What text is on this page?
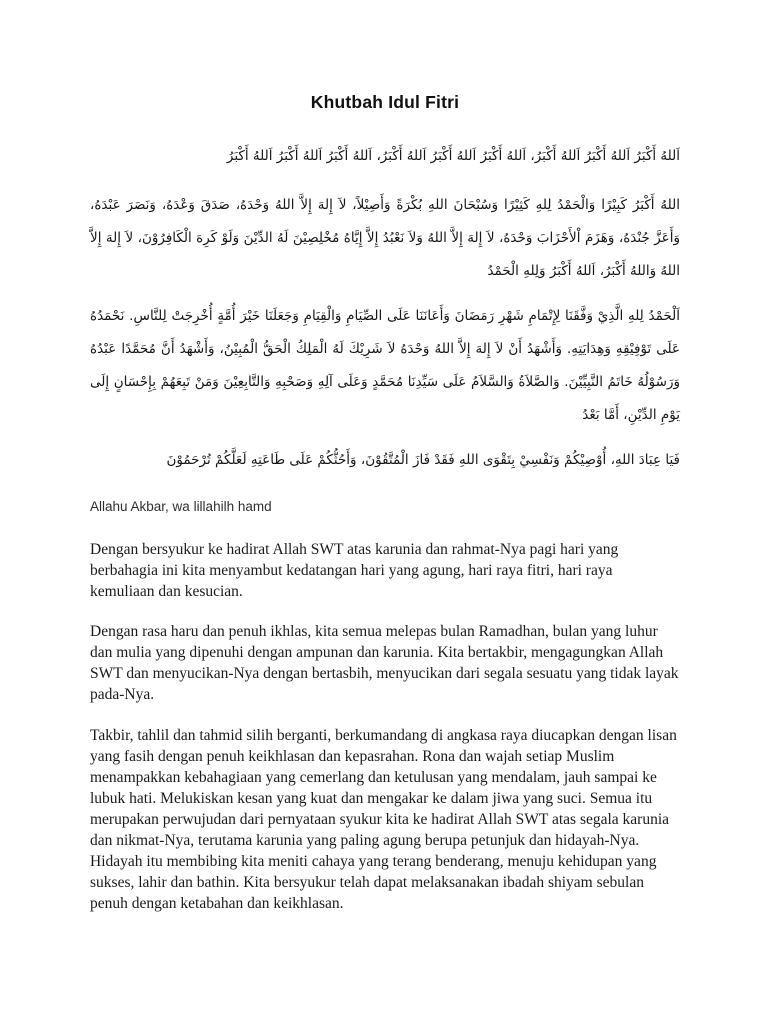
Khutbah Idul Fitri
اَللهُ أَكْبَرُ اَللهُ أَكْبَرُ اَللهُ أَكْبَرُ، اَللهُ أَكْبَرُ اَللهُ أَكْبَرُ اَللهُ أَكْبَرُ، اَللهُ أَكْبَرُ اَللهُ أَكْبَرُ اَللهُ أَكْبَرُ
اللهُ أَكْبَرُ كَبِيْرًا وَالْحَمْدُ لِلهِ كَثِيْرًا وَسُبْحَانَ اللهِ بُكْرَةً وَأَصِيْلاً، لاَ إِلهَ إِلاَّ اللهُ وَحْدَهُ، صَدَقَ وَعْدَهُ، وَنَصَرَ عَبْدَهُ، وَأَعَزَّ جُنْدَهُ، وَهَزَمَ اْلأَحْزَابَ وَحْدَهُ، لاَ إِلهَ إِلاَّ اللهُ وَلاَ نَعْبُدُ إِلاَّ إِيَّاهُ مُخْلِصِيْنَ لَهُ الدِّيْنَ وَلَوْ كَرِهَ الْكَافِرُوْنَ، لاَ إِلهَ إِلاَّ اللهُ وَاللهُ أَكْبَرُ، اَللهُ أَكْبَرُ وَلِلهِ الْحَمْدُ
اَلْحَمْدُ لِلهِ الَّذِيْ وَفَّقَنَا لِإِتْمَامِ شَهْرِ رَمَضَانَ وَأَعَانَنَا عَلَى الصِّيَامِ وَالْقِيَامِ وَجَعَلَنَا خَيْرَ أُمَّةٍ أُخْرِجَتْ لِلنَّاسِ. نَحْمَدُهُ عَلَى تَوْفِيْقِهِ وَهِدَايَتِهِ. وَأَشْهَدُ أَنْ لاَ إِلهَ إِلاَّ اللهُ وَحْدَهُ لاَ شَرِيْكَ لَهُ الْمَلِكُ الْحَقُّ الْمُبِيْنُ، وَأَشْهَدُ أَنَّ مُحَمَّدًا عَبْدُهُ وَرَسُوْلُهُ خَاتَمُ النَّبِيِّيْنَ. وَالصَّلاَةُ وَالسَّلاَمُ عَلَى سَيِّدِنَا مُحَمَّدٍ وَعَلَى آلِهِ وَصَحْبِهِ وَالتَّابِعِيْنَ وَمَنْ تَبِعَهُمْ بِإِحْسَانٍ إِلَى يَوْمِ الدِّيْنِ، أَمَّا بَعْدُ
فَيَا عِبَادَ اللهِ، أُوْصِيْكُمْ وَنَفْسِيْ بِتَقْوَى اللهِ فَقَدْ فَازَ الْمُتَّقُوْنَ، وَأَحُثُّكُمْ عَلَى طَاعَتِهِ لَعَلَّكُمْ تُرْحَمُوْنَ
Allahu Akbar, wa lillahilh hamd

Dengan bersyukur ke hadirat Allah SWT atas karunia dan rahmat-Nya pagi hari yang berbahagia ini kita menyambut kedatangan hari yang agung, hari raya fitri, hari raya kemuliaan dan kesucian.

Dengan rasa haru dan penuh ikhlas, kita semua melepas bulan Ramadhan, bulan yang luhur dan mulia yang dipenuhi dengan ampunan dan karunia. Kita bertakbir, mengagungkan Allah SWT dan menyucikan-Nya dengan bertasbih, menyucikan dari segala sesuatu yang tidak layak pada-Nya.

Takbir, tahlil dan tahmid silih berganti, berkumandang di angkasa raya diucapkan dengan lisan yang fasih dengan penuh keikhlasan dan kepasrahan. Rona dan wajah setiap Muslim menampakkan kebahagiaan yang cemerlang dan ketulusan yang mendalam, jauh sampai ke lubuk hati. Melukiskan kesan yang kuat dan mengakar ke dalam jiwa yang suci. Semua itu merupakan perwujudan dari pernyataan syukur kita ke hadirat Allah SWT atas segala karunia dan nikmat-Nya, terutama karunia yang paling agung berupa petunjuk dan hidayah-Nya. Hidayah itu membibing kita meniti cahaya yang terang benderang, menuju kehidupan yang sukses, lahir dan bathin. Kita bersyukur telah dapat melaksanakan ibadah shiyam sebulan penuh dengan ketabahan dan keikhlasan.
